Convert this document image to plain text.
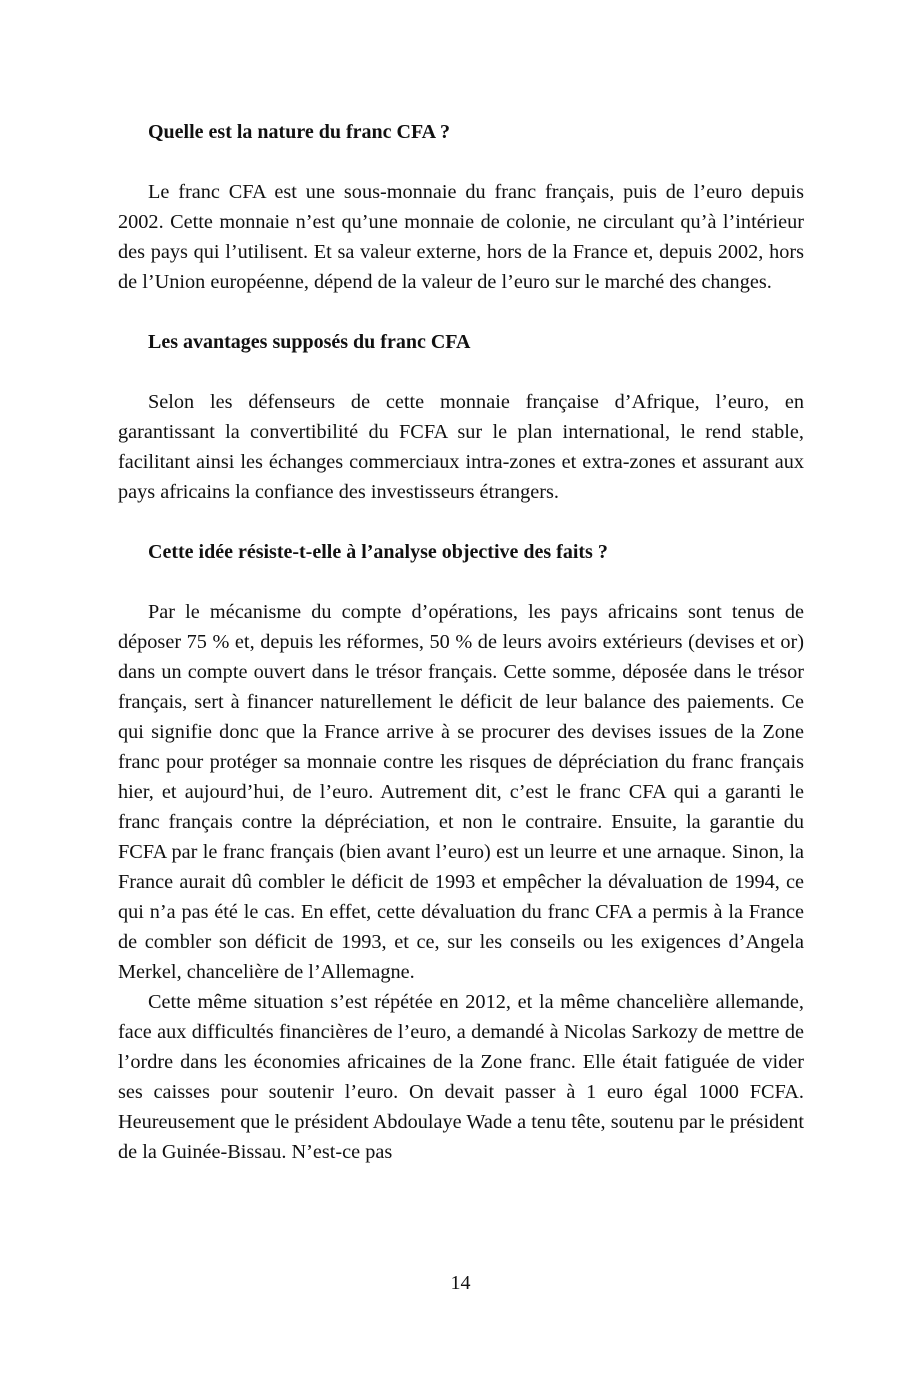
Quelle est la nature du franc CFA ?

Le franc CFA est une sous-monnaie du franc français, puis de l’euro depuis 2002. Cette monnaie n’est qu’une monnaie de colonie, ne circulant qu’à l’intérieur des pays qui l’utilisent. Et sa valeur externe, hors de la France et, depuis 2002, hors de l’Union européenne, dépend de la valeur de l’euro sur le marché des changes.

Les avantages supposés du franc CFA

Selon les défenseurs de cette monnaie française d’Afrique, l’euro, en garantissant la convertibilité du FCFA sur le plan international, le rend stable, facilitant ainsi les échanges commerciaux intra-zones et extra-zones et assurant aux pays africains la confiance des investisseurs étrangers.

Cette idée résiste-t-elle à l’analyse objective des faits ?

Par le mécanisme du compte d’opérations, les pays africains sont tenus de déposer 75 % et, depuis les réformes, 50 % de leurs avoirs extérieurs (devises et or) dans un compte ouvert dans le trésor français. Cette somme, déposée dans le trésor français, sert à financer naturellement le déficit de leur balance des paiements. Ce qui signifie donc que la France arrive à se procurer des devises issues de la Zone franc pour protéger sa monnaie contre les risques de dépréciation du franc français hier, et aujourd’hui, de l’euro. Autrement dit, c’est le franc CFA qui a garanti le franc français contre la dépréciation, et non le contraire. Ensuite, la garantie du FCFA par le franc français (bien avant l’euro) est un leurre et une arnaque. Sinon, la France aurait dû combler le déficit de 1993 et empêcher la dévaluation de 1994, ce qui n’a pas été le cas. En effet, cette dévaluation du franc CFA a permis à la France de combler son déficit de 1993, et ce, sur les conseils ou les exigences d’Angela Merkel, chancelière de l’Allemagne.

Cette même situation s’est répétée en 2012, et la même chancelière allemande, face aux difficultés financières de l’euro, a demandé à Nicolas Sarkozy de mettre de l’ordre dans les économies africaines de la Zone franc. Elle était fatiguée de vider ses caisses pour soutenir l’euro. On devait passer à 1 euro égal 1000 FCFA. Heureusement que le président Abdoulaye Wade a tenu tête, soutenu par le président de la Guinée-Bissau. N’est-ce pas

14
